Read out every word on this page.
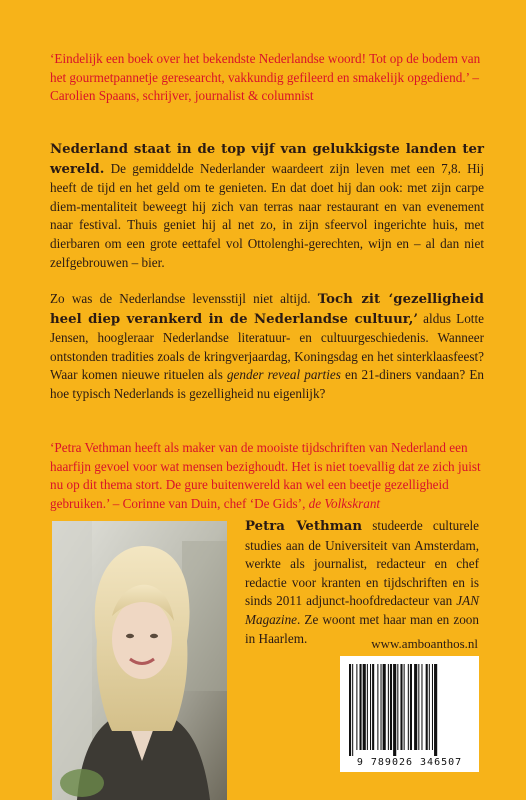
‘Eindelijk een boek over het bekendste Nederlandse woord! Tot op de bodem van het gourmetpannetje geresearcht, vakkundig gefileerd en smakelijk opgediend.’ – Carolien Spaans, schrijver, journalist & columnist

Nederland staat in de top vijf van gelukkigste landen ter wereld. De gemiddelde Nederlander waardeert zijn leven met een 7,8. Hij heeft de tijd en het geld om te genieten. En dat doet hij dan ook: met zijn carpe diem-mentaliteit beweegt hij zich van terras naar restaurant en van evenement naar festival. Thuis geniet hij al net zo, in zijn sfeervol ingerichte huis, met dierbaren om een grote eettafel vol Ottolenghi-gerechten, wijn en – al dan niet zelfgebrouwen – bier.

Zo was de Nederlandse levensstijl niet altijd. Toch zit ‘gezelligheid heel diep verankerd in de Nederlandse cultuur,’ aldus Lotte Jensen, hoogleraar Nederlandse literatuur- en cultuurgeschiedenis. Wanneer ontstonden tradities zoals de kringverjaardag, Koningsdag en het sinterklaasfeest? Waar komen nieuwe rituelen als gender reveal parties en 21-diners vandaan? En hoe typisch Nederlands is gezelligheid nu eigenlijk?

‘Petra Vethman heeft als maker van de mooiste tijdschriften van Nederland een haarfijn gevoel voor wat mensen bezighoudt. Het is niet toevallig dat ze zich juist nu op dit thema stort. De gure buitenwereld kan wel een beetje gezelligheid gebruiken.’ – Corinne van Duin, chef ‘De Gids’, de Volkskrant

Petra Vethman studeerde culturele studies aan de Universiteit van Amsterdam, werkte als journalist, redacteur en chef redactie voor kranten en tijdschriften en is sinds 2011 adjunct-hoofdredacteur van JAN Magazine. Ze woont met haar man en zoon in Haarlem.	www.amboanthos.nl
9 789026 346507
